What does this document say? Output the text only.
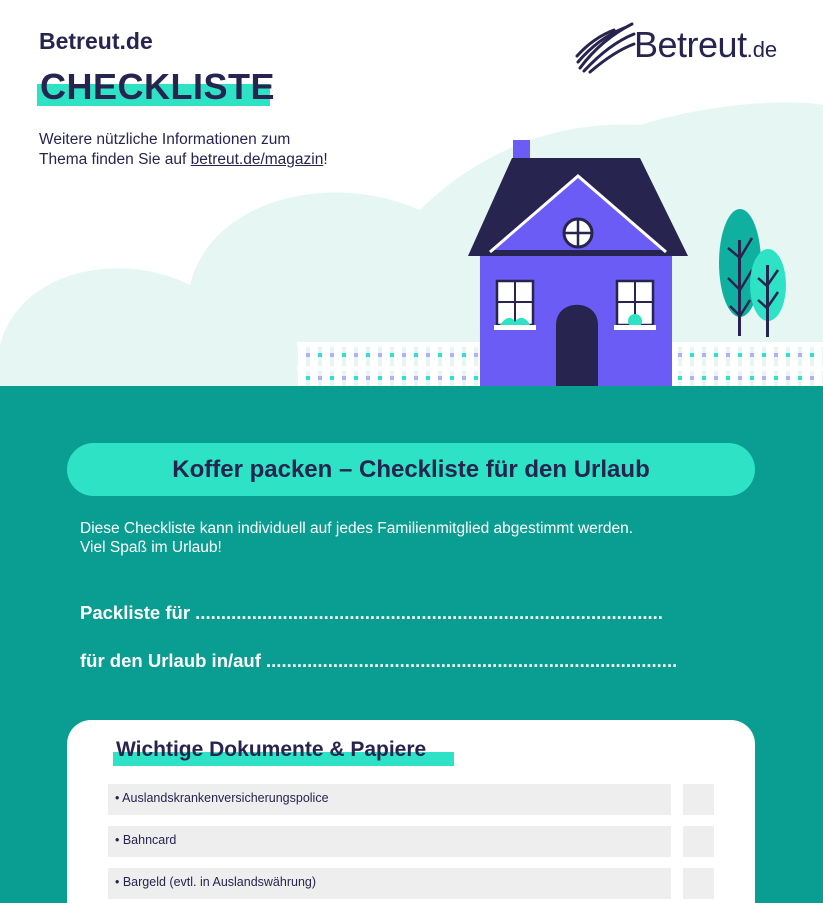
Betreut.de
CHECKLISTE
Betreut.de
Weitere nützliche Informationen zum
Thema finden Sie auf betreut.de/magazin!
Koffer packen – Checkliste für den Urlaub
Diese Checkliste kann individuell auf jedes Familienmitglied abgestimmt werden.
Viel Spaß im Urlaub!
Packliste für ...........................................................................................
für den Urlaub in/auf ................................................................................
Wichtige Dokumente & Papiere
• Auslandskrankenversicherungspolice
• Bahncard
• Bargeld (evtl. in Auslandswährung)
